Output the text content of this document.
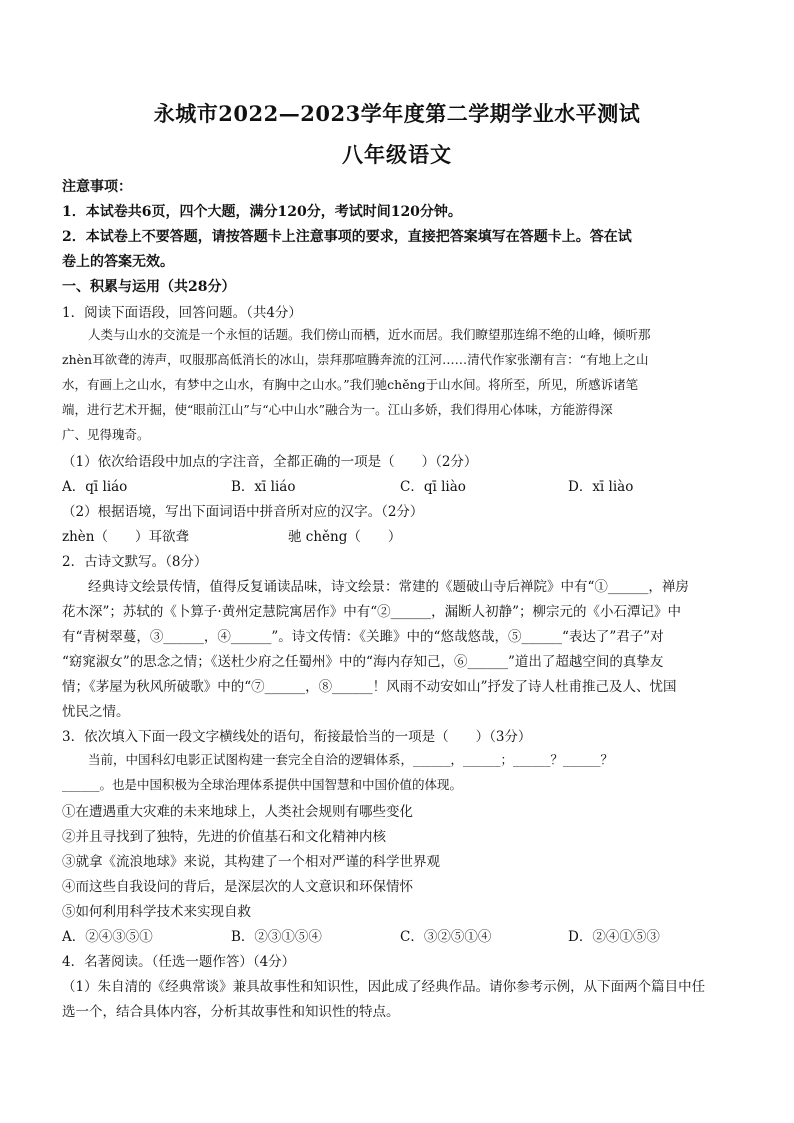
永城市2022—2023学年度第二学期学业水平测试
八年级语文
注意事项：
1．本试卷共6页，四个大题，满分120分，考试时间120分钟。
2．本试卷上不要答题，请按答题卡上注意事项的要求，直接把答案填写在答题卡上。答在试
卷上的答案无效。
一、积累与运用（共28分）
1．阅读下面语段，回答问题。（共4分）
人类与山水的交流是一个永恒的话题。我们傍山而栖，近水而居。我们瞭望那连绵不绝的山峰，倾听那
zhèn耳欲聋的涛声，叹服那高低消长的冰山，崇拜那喧腾奔流的江河……清代作家张潮有言：“有地上之山
水，有画上之山水，有梦中之山水，有胸中之山水。”我们驰chěng于山水间。将所至，所见，所感诉诸笔
端，进行艺术开掘，使“眼前江山”与“心中山水”融合为一。江山多娇，我们得用心体味，方能游得深
广、见得瑰奇。
（1）依次给语段中加点的字注音，全都正确的一项是（　　）（2分）
A．qī liáo	B．xī liáo	C．qī liào	D．xī liào
（2）根据语境，写出下面词语中拼音所对应的汉字。（2分）
zhèn（　　）耳欲聋	驰 chěng（　　）
2．古诗文默写。（8分）
经典诗文绘景传情，值得反复诵读品味，诗文绘景：常建的《题破山寺后禅院》中有“①______，禅房
花木深”；苏轼的《卜算子·黄州定慧院寓居作》中有“②______，漏断人初静”；柳宗元的《小石潭记》中
有“青树翠蔓，③______，④______”。诗文传情：《关雎》中的“悠哉悠哉，⑤______“表达了”君子”对
“窈窕淑女”的思念之情；《送杜少府之任蜀州》中的“海内存知己，⑥______”道出了超越空间的真挚友
情；《茅屋为秋风所破歌》中的“⑦______，⑧______！风雨不动安如山”抒发了诗人杜甫推己及人、忧国
忧民之情。
3．依次填入下面一段文字横线处的语句，衔接最恰当的一项是（　　）（3分）
当前，中国科幻电影正试图构建一套完全自洽的逻辑体系，______，______；______？______？
______。也是中国积极为全球治理体系提供中国智慧和中国价值的体现。
①在遭遇重大灾难的未来地球上，人类社会规则有哪些变化
②并且寻找到了独特，先进的价值基石和文化精神内核
③就拿《流浪地球》来说，其构建了一个相对严谨的科学世界观
④而这些自我设问的背后，是深层次的人文意识和环保情怀
⑤如何利用科学技术来实现自救
A．②④③⑤①	B．②③①⑤④	C．③②⑤①④	D．②④①⑤③
4．名著阅读。（任选一题作答）（4分）
（1）朱自清的《经典常谈》兼具故事性和知识性，因此成了经典作品。请你参考示例，从下面两个篇目中任
选一个，结合具体内容，分析其故事性和知识性的特点。
